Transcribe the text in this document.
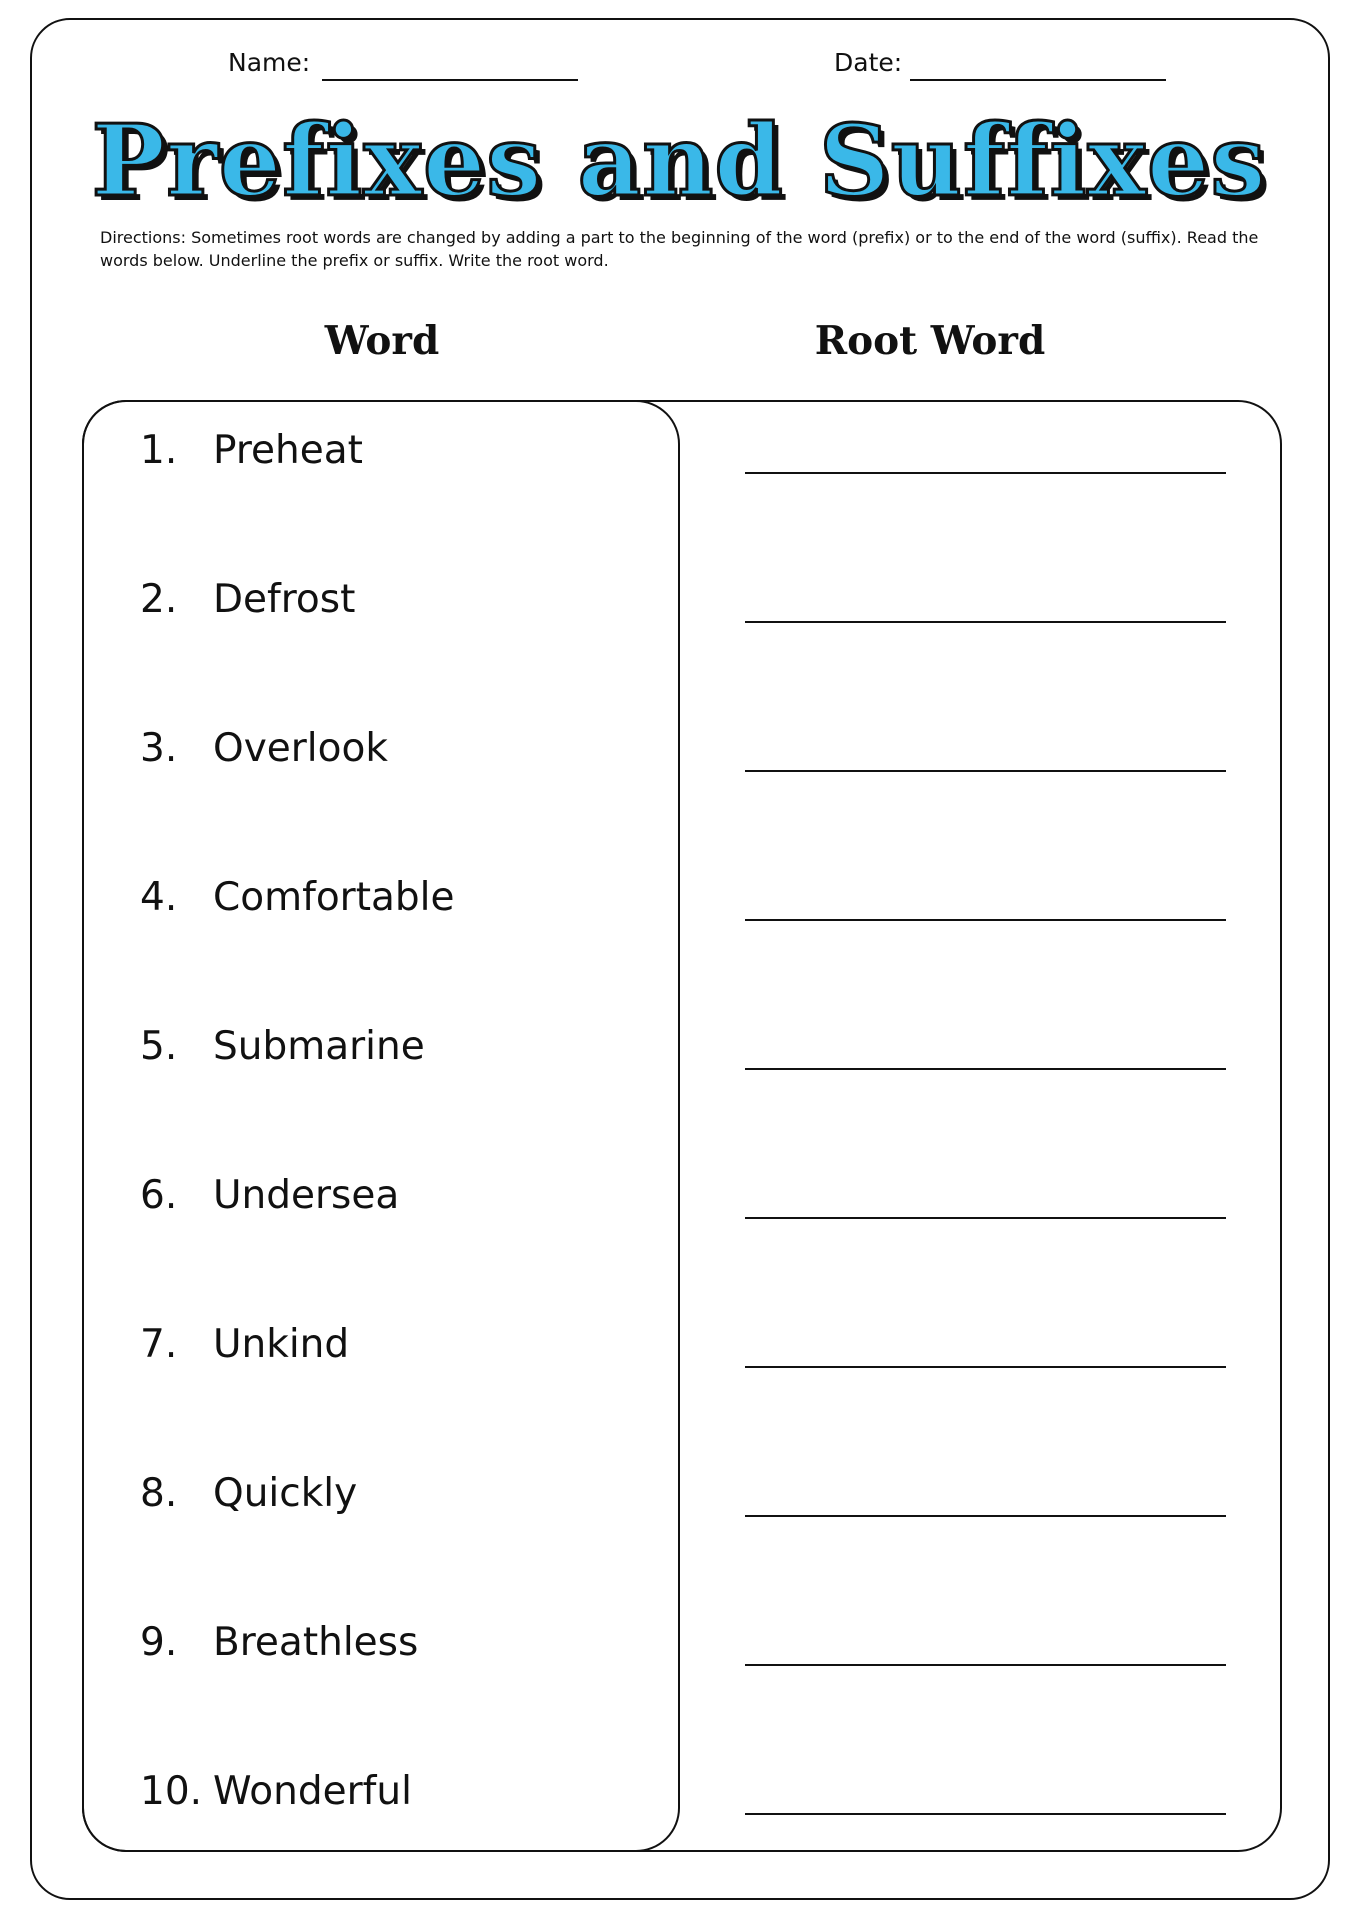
Name:	Date:
Prefixes and Suffixes
Directions: Sometimes root words are changed by adding a part to the beginning of the word (prefix) or to the end of the word (suffix). Read the words below. Underline the prefix or suffix. Write the root word.
Word	Root Word
1. Preheat
2. Defrost
3. Overlook
4. Comfortable
5. Submarine
6. Undersea
7. Unkind
8. Quickly
9. Breathless
10. Wonderful
